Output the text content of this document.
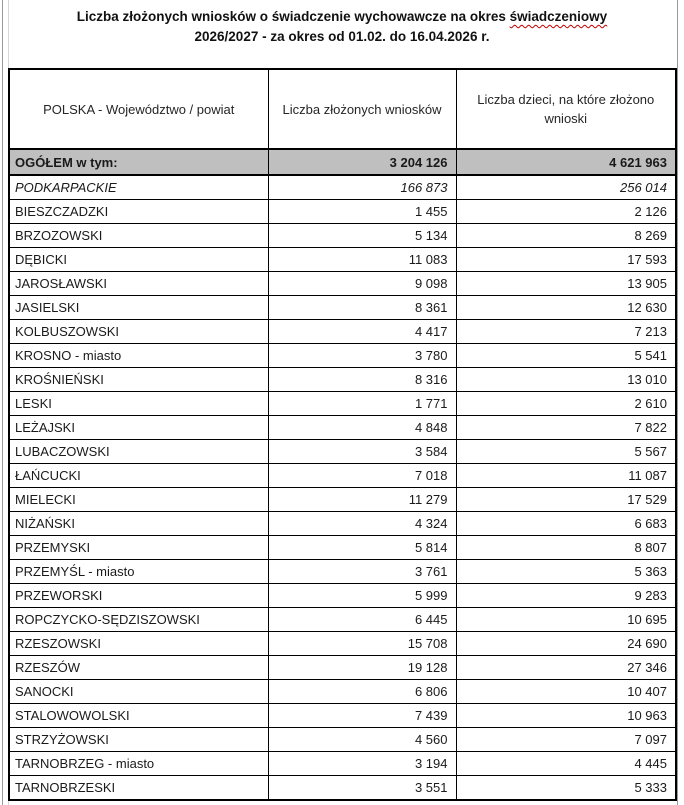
Liczba złożonych wniosków o świadczenie wychowawcze na okres świadczeniowy
2026/2027 - za okres od 01.02. do 16.04.2026 r.
POLSKA - Województwo / powiat	Liczba złożonych wniosków	Liczba dzieci, na które złożono wnioski
OGÓŁEM w tym:	3 204 126	4 621 963
PODKARPACKIE	166 873	256 014
BIESZCZADZKI	1 455	2 126
BRZOZOWSKI	5 134	8 269
DĘBICKI	11 083	17 593
JAROSŁAWSKI	9 098	13 905
JASIELSKI	8 361	12 630
KOLBUSZOWSKI	4 417	7 213
KROSNO - miasto	3 780	5 541
KROŚNIEŃSKI	8 316	13 010
LESKI	1 771	2 610
LEŻAJSKI	4 848	7 822
LUBACZOWSKI	3 584	5 567
ŁAŃCUCKI	7 018	11 087
MIELECKI	11 279	17 529
NIŻAŃSKI	4 324	6 683
PRZEMYSKI	5 814	8 807
PRZEMYŚL - miasto	3 761	5 363
PRZEWORSKI	5 999	9 283
ROPCZYCKO-SĘDZISZOWSKI	6 445	10 695
RZESZOWSKI	15 708	24 690
RZESZÓW	19 128	27 346
SANOCKI	6 806	10 407
STALOWOWOLSKI	7 439	10 963
STRZYŻOWSKI	4 560	7 097
TARNOBRZEG - miasto	3 194	4 445
TARNOBRZESKI	3 551	5 333
